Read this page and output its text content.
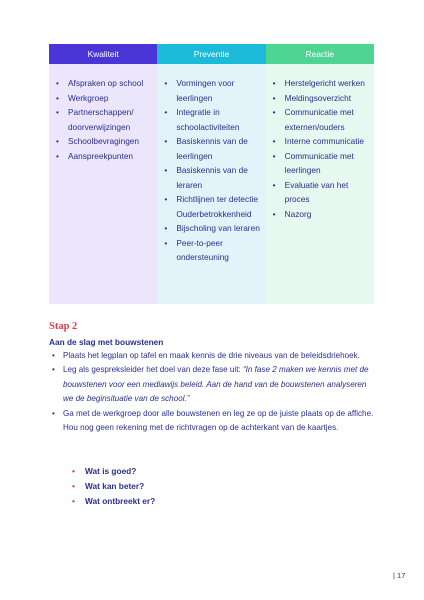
Kwaliteit
• Afspraken op school
• Werkgroep
• Partnerschappen/ doorverwijzingen
• Schoolbevragingen
• Aanspreekpunten
Preventie
• Vormingen voor leerlingen
• Integratie in schoolactiviteiten
• Basiskennis van de leerlingen
• Basiskennis van de leraren
• Richtlijnen ter detectie Ouderbetrokkenheid
• Bijscholing van leraren
• Peer-to-peer ondersteuning
Reactie
• Herstelgericht werken
• Meldingsoverzicht
• Communicatie met externen/ouders
• Interne communicatie
• Communicatie met leerlingen
• Evaluatie van het proces
• Nazorg
Stap 2
Aan de slag met bouwstenen
• Plaats het legplan op tafel en maak kennis de drie niveaus van de beleidsdriehoek.
• Leg als gespreksleider het doel van deze fase uit: “In fase 2 maken we kennis met de bouwstenen voor een mediawijs beleid. Aan de hand van de bouwstenen analyseren we de beginsituatie van de school.”
• Ga met de werkgroep door alle bouwstenen en leg ze op de juiste plaats op de affiche. Hou nog geen rekening met de richtvragen op de achterkant van de kaartjes.
• Wat is goed?
• Wat kan beter?
• Wat ontbreekt er?
| 17
